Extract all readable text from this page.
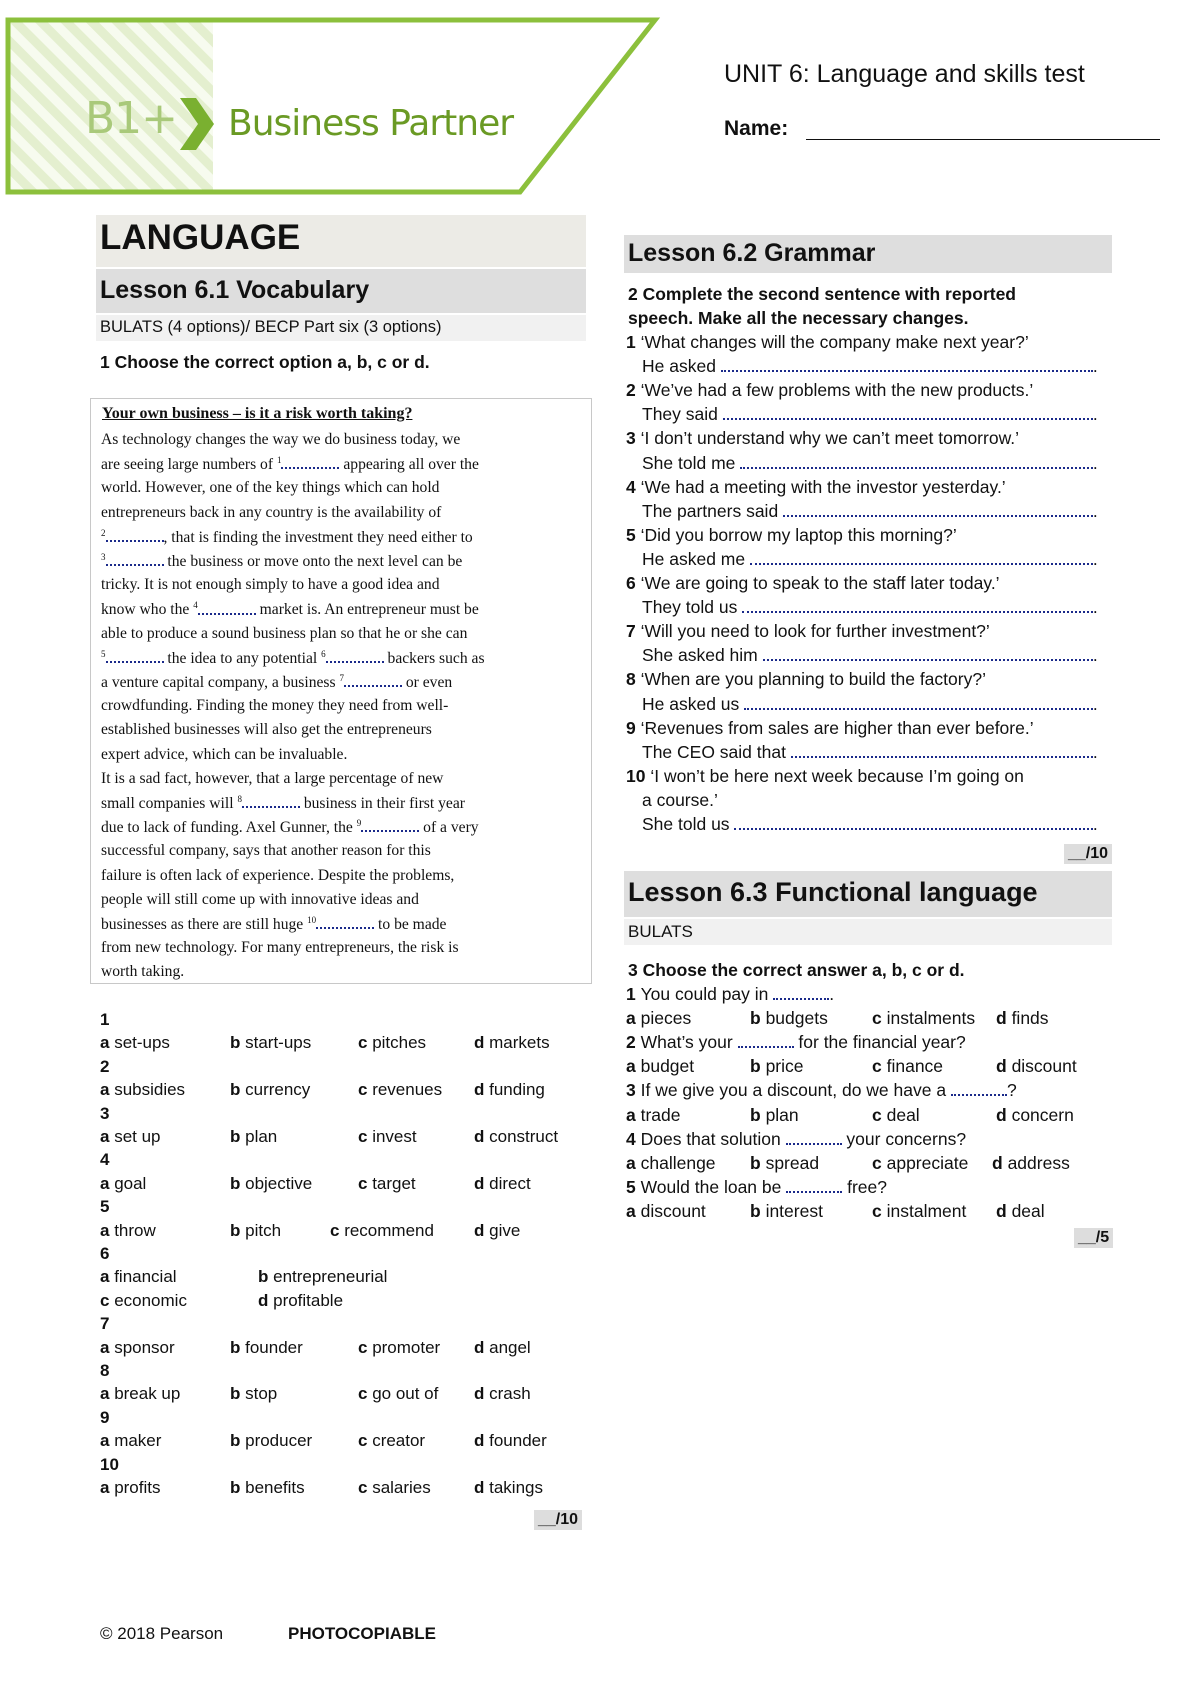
B1+ Business Partner
UNIT 6: Language and skills test
Name:
LANGUAGE
Lesson 6.1 Vocabulary
BULATS (4 options)/ BECP Part six (3 options)
1 Choose the correct option a, b, c or d.
Your own business – is it a risk worth taking?
As technology changes the way we do business today, we
are seeing large numbers of $^1$	appearing all over the
world. However, one of the key things which can hold
entrepreneurs back in any country is the availability of
$^2$	, that is finding the investment they need either to
$^3$	the business or move onto the next level can be
tricky. It is not enough simply to have a good idea and
know who the $^4$	market is. An entrepreneur must be
able to produce a sound business plan so that he or she can
$^5$	the idea to any potential $^6$	backers such as
a venture capital company, a business $^7$	or even
crowdfunding. Finding the money they need from well-
established businesses will also get the entrepreneurs
expert advice, which can be invaluable.
It is a sad fact, however, that a large percentage of new
small companies will $^8$	business in their first year
due to lack of funding. Axel Gunner, the $^9$	of a very
successful company, says that another reason for this
failure is often lack of experience. Despite the problems,
people will still come up with innovative ideas and
businesses as there are still huge $^{10}$	to be made
from new technology. For many entrepreneurs, the risk is
worth taking.
1
a set-ups	b start-ups	c pitches	d markets
2
a subsidies	b currency	c revenues d funding
3
a set up	b plan	c invest	d construct
4
a goal	b objective	c target	d direct
5
a throw	b pitch	c recommend d give
6
a financial	b entrepreneurial
c economic	d profitable
7
a sponsor	b founder	c promoter d angel
8
a break up	b stop	c go out of d crash
9
a maker	b producer	c creator	d founder
10
a profits	b benefits	c salaries	d takings
__/10
Lesson 6.2 Grammar
2 Complete the second sentence with reported
speech. Make all the necessary changes.
1 ‘What changes will the company make next year?’
He asked	.
2 ‘We’ve had a few problems with the new products.’
They said	.
3 ‘I don’t understand why we can’t meet tomorrow.’
She told me	.
4 ‘We had a meeting with the investor yesterday.’
The partners said	.
5 ‘Did you borrow my laptop this morning?’
He asked me	.
6 ‘We are going to speak to the staff later today.’
They told us	.
7 ‘Will you need to look for further investment?’
She asked him	.
8 ‘When are you planning to build the factory?’
He asked us	.
9 ‘Revenues from sales are higher than ever before.’
The CEO said that	.
10 ‘I won’t be here next week because I’m going on
a course.’
She told us	.
__/10
Lesson 6.3 Functional language
BULATS
3 Choose the correct answer a, b, c or d.
1 You could pay in	.
a pieces	b budgets	c instalments d finds
2 What’s your	for the financial year?
a budget	b price	c finance	d discount
3 If we give you a discount, do we have a	?
a trade	b plan	c deal	d concern
4 Does that solution	your concerns?
a challenge b spread	c appreciate d address
5 Would the loan be	free?
a discount	b interest	c instalment d deal
__/5
© 2018 Pearson	PHOTOCOPIABLE
